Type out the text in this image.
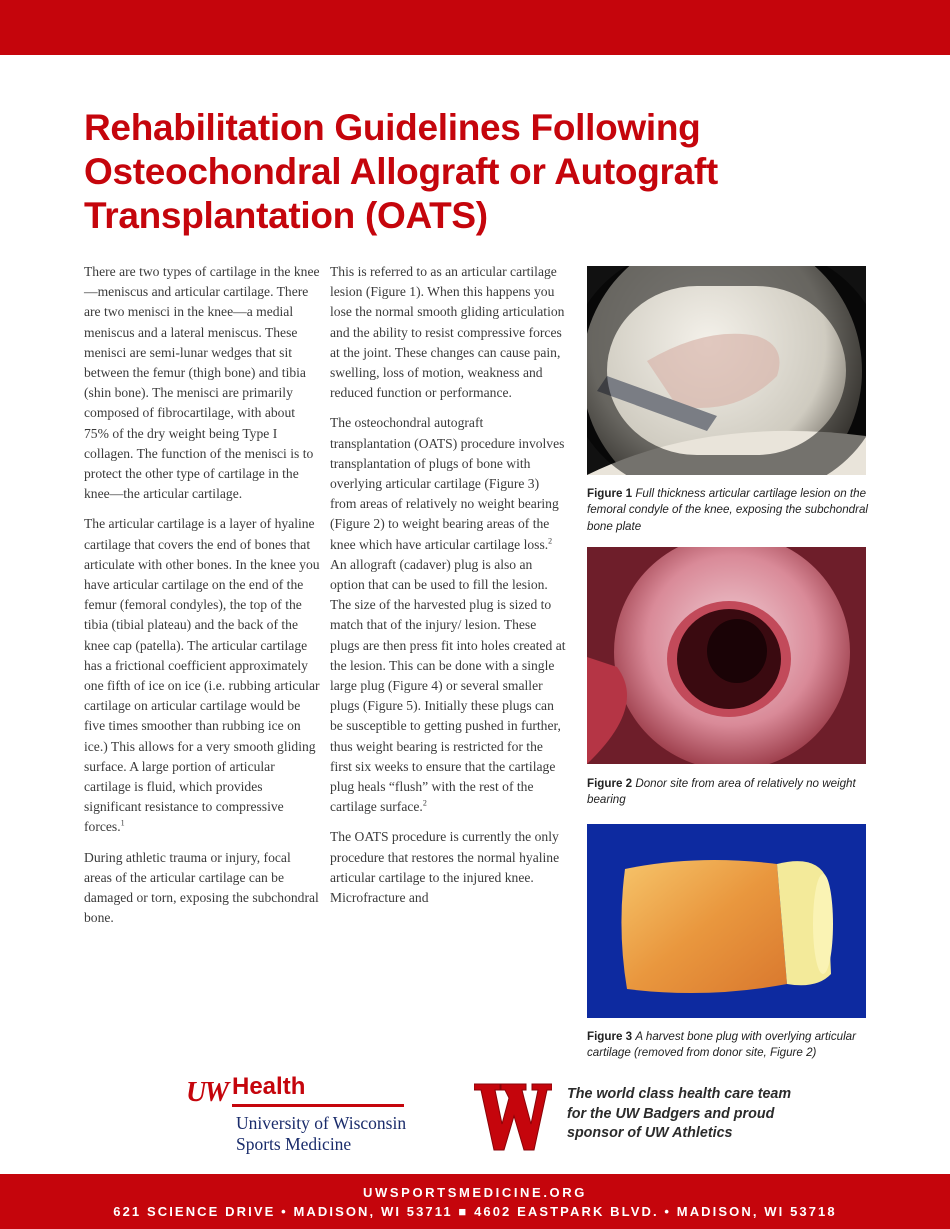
Rehabilitation Guidelines Following
Osteochondral Allograft or Autograft
Transplantation (OATS)

There are two types of cartilage in the knee—meniscus and articular cartilage. There are two menisci in the knee—a medial meniscus and a lateral meniscus. These menisci are semi-lunar wedges that sit between the femur (thigh bone) and tibia (shin bone). The menisci are primarily composed of fibrocartilage, with about 75% of the dry weight being Type I collagen. The function of the menisci is to protect the other type of cartilage in the knee—the articular cartilage.

The articular cartilage is a layer of hyaline cartilage that covers the end of bones that articulate with other bones. In the knee you have articular cartilage on the end of the femur (femoral condyles), the top of the tibia (tibial plateau) and the back of the knee cap (patella). The articular cartilage has a frictional coefficient approximately one fifth of ice on ice (i.e. rubbing articular cartilage on articular cartilage would be five times smoother than rubbing ice on ice.) This allows for a very smooth gliding surface. A large portion of articular cartilage is fluid, which provides significant resistance to compressive forces.$^1$

During athletic trauma or injury, focal areas of the articular cartilage can be damaged or torn, exposing the subchondral bone.

This is referred to as an articular cartilage lesion (Figure 1). When this happens you lose the normal smooth gliding articulation and the ability to resist compressive forces at the joint. These changes can cause pain, swelling, loss of motion, weakness and reduced function or performance.

The osteochondral autograft transplantation (OATS) procedure involves transplantation of plugs of bone with overlying articular cartilage (Figure 3) from areas of relatively no weight bearing (Figure 2) to weight bearing areas of the knee which have articular cartilage loss.$^2$ An allograft (cadaver) plug is also an option that can be used to fill the lesion. The size of the harvested plug is sized to match that of the injury/ lesion. These plugs are then press fit into holes created at the lesion. This can be done with a single large plug (Figure 4) or several smaller plugs (Figure 5). Initially these plugs can be susceptible to getting pushed in further, thus weight bearing is restricted for the first six weeks to ensure that the cartilage plug heals “flush” with the rest of the cartilage surface.$^2$

The OATS procedure is currently the only procedure that restores the normal hyaline articular cartilage to the injured knee. Microfracture and

Figure 1 Full thickness articular cartilage lesion on the femoral condyle of the knee, exposing the subchondral bone plate
Figure 2 Donor site from area of relatively no weight bearing
Figure 3 A harvest bone plug with overlying articular cartilage (removed from donor site, Figure 2)
UW Health
University of Wisconsin
Sports Medicine
The world class health care team
for the UW Badgers and proud
sponsor of UW Athletics
UWSPORTSMEDICINE.ORG
621 SCIENCE DRIVE • MADISON, WI 53711 ■ 4602 EASTPARK BLVD. • MADISON, WI 53718
